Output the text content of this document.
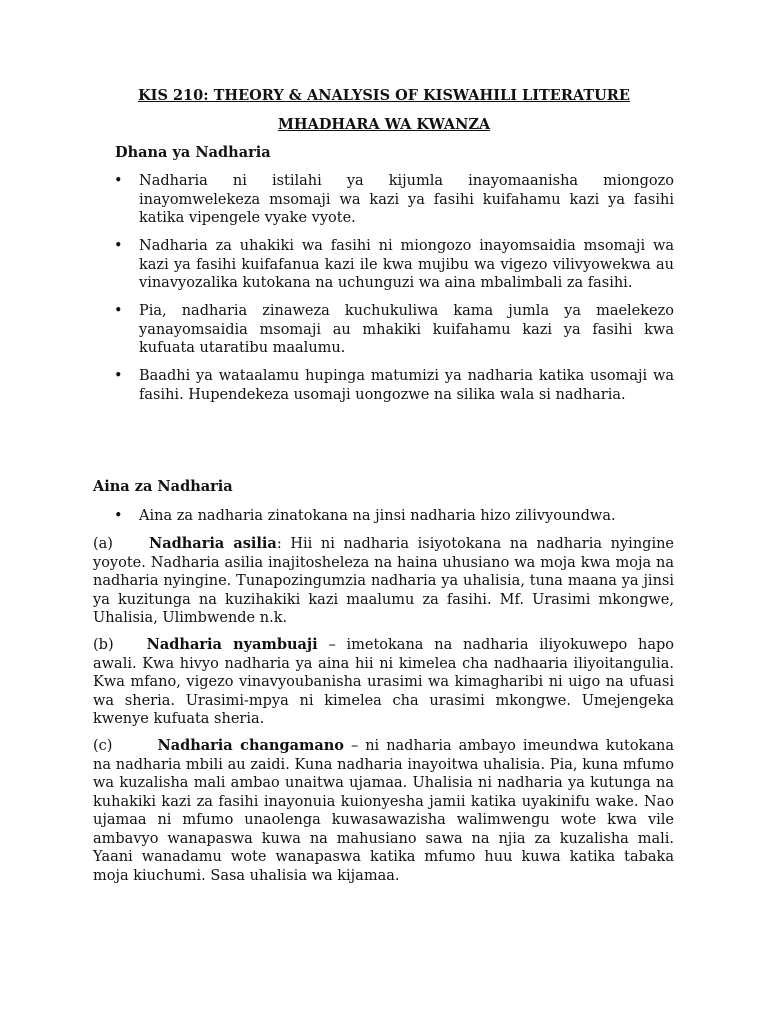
KIS 210: THEORY & ANALYSIS OF KISWAHILI LITERATURE
MHADHARA WA KWANZA
Dhana ya Nadharia
• Nadharia ni istilahi ya kijumla inayomaanisha miongozo inayomwelekeza msomaji wa kazi ya fasihi kuifahamu kazi ya fasihi katika vipengele vyake vyote.
• Nadharia za uhakiki wa fasihi ni miongozo inayomsaidia msomaji wa kazi ya fasihi kuifafanua kazi ile kwa mujibu wa vigezo vilivyowekwa au vinavyozalika kutokana na uchunguzi wa aina mbalimbali za fasihi.
• Pia, nadharia zinaweza kuchukuliwa kama jumla ya maelekezo yanayomsaidia msomaji au mhakiki kuifahamu kazi ya fasihi kwa kufuata utaratibu maalumu.
• Baadhi ya wataalamu hupinga matumizi ya nadharia katika usomaji wa fasihi. Hupendekeza usomaji uongozwe na silika wala si nadharia.
Aina za Nadharia
• Aina za nadharia zinatokana na jinsi nadharia hizo zilivyoundwa.

(a) Nadharia asilia: Hii ni nadharia isiyotokana na nadharia nyingine yoyote. Nadharia asilia inajitosheleza na haina uhusiano wa moja kwa moja na nadharia nyingine. Tunapozingumzia nadharia ya uhalisia, tuna maana ya jinsi ya kuzitunga na kuzihakiki kazi maalumu za fasihi. Mf. Urasimi mkongwe, Uhalisia, Ulimbwende n.k.

(b) Nadharia nyambuaji – imetokana na nadharia iliyokuwepo hapo awali. Kwa hivyo nadharia ya aina hii ni kimelea cha nadhaaria iliyoitangulia. Kwa mfano, vigezo vinavyoubanisha urasimi wa kimagharibi ni uigo na ufuasi wa sheria. Urasimi-mpya ni kimelea cha urasimi mkongwe. Umejengeka kwenye kufuata sheria.

(c)	Nadharia changamano – ni nadharia ambayo imeundwa kutokana na nadharia mbili au zaidi. Kuna nadharia inayoitwa uhalisia. Pia, kuna mfumo wa kuzalisha mali ambao unaitwa ujamaa. Uhalisia ni nadharia ya kutunga na kuhakiki kazi za fasihi inayonuia kuionyesha jamii katika uyakinifu wake. Nao ujamaa ni mfumo unaolenga kuwasawazisha walimwengu wote kwa vile ambavyo wanapaswa kuwa na mahusiano sawa na njia za kuzalisha mali. Yaani wanadamu wote wanapaswa katika mfumo huu kuwa katika tabaka moja kiuchumi. Sasa uhalisia wa kijamaa.
